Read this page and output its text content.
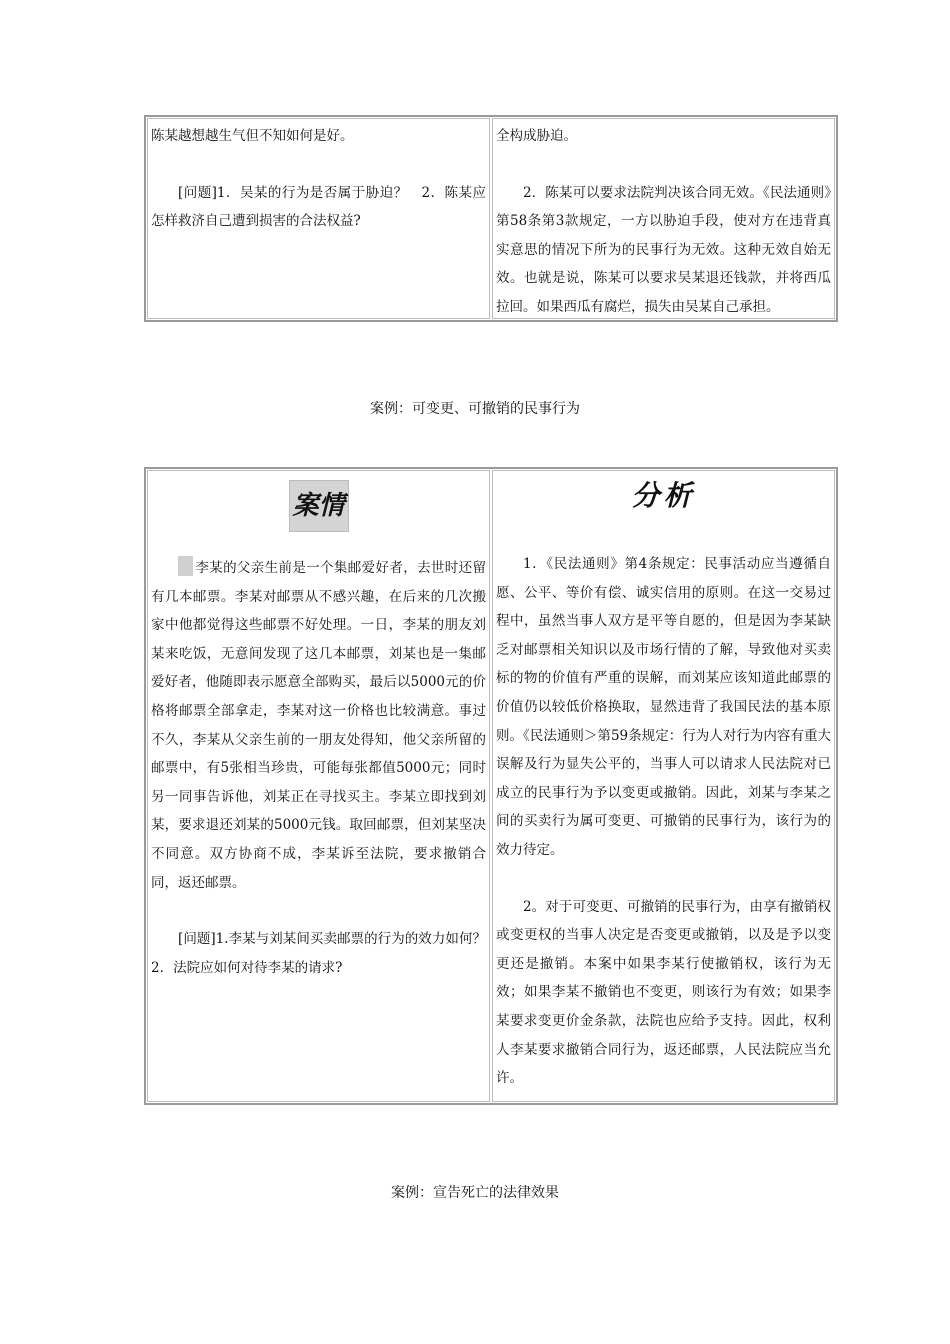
陈某越想越生气但不知如何是好。

[问题]1．吴某的行为是否属于胁迫？　2．陈某应怎样救济自己遭到损害的合法权益?

全构成胁迫。

2．陈某可以要求法院判决该合同无效。《民法通则》第58条第3款规定，一方以胁迫手段，使对方在违背真实意思的情况下所为的民事行为无效。这种无效自始无效。也就是说，陈某可以要求吴某退还钱款，并将西瓜拉回。如果西瓜有腐烂，损失由吴某自己承担。

案例：可变更、可撤销的民事行为
案情

李某的父亲生前是一个集邮爱好者，去世时还留有几本邮票。李某对邮票从不感兴趣，在后来的几次搬家中他都觉得这些邮票不好处理。一日，李某的朋友刘某来吃饭，无意间发现了这几本邮票，刘某也是一集邮爱好者，他随即表示愿意全部购买，最后以5000元的价格将邮票全部拿走，李某对这一价格也比较满意。事过不久，李某从父亲生前的一朋友处得知，他父亲所留的邮票中，有5张相当珍贵，可能每张都值5000元；同时另一同事告诉他，刘某正在寻找买主。李某立即找到刘某，要求退还刘某的5000元钱。取回邮票，但刘某坚决不同意。双方协商不成，李某诉至法院，要求撤销合同，返还邮票。

[问题]1.李某与刘某间买卖邮票的行为的效力如何？　2．法院应如何对待李某的请求?

分析

1．《民法通则》第4条规定：民事活动应当遵循自愿、公平、等价有偿、诚实信用的原则。在这一交易过程中，虽然当事人双方是平等自愿的，但是因为李某缺乏对邮票相关知识以及市场行情的了解，导致他对买卖标的物的价值有严重的误解，而刘某应该知道此邮票的价值仍以较低价格换取，显然违背了我国民法的基本原则。《民法通则＞第59条规定：行为人对行为内容有重大误解及行为显失公平的，当事人可以请求人民法院对已成立的民事行为予以变更或撤销。因此，刘某与李某之间的买卖行为属可变更、可撤销的民事行为，该行为的效力待定。

2。对于可变更、可撤销的民事行为，由享有撤销权或变更权的当事人决定是否变更或撤销，以及是予以变更还是撤销。本案中如果李某行使撤销权，该行为无效；如果李某不撤销也不变更，则该行为有效；如果李某要求变更价金条款，法院也应给予支持。因此，权利人李某要求撤销合同行为，返还邮票，人民法院应当允许。

案例：宣告死亡的法律效果
